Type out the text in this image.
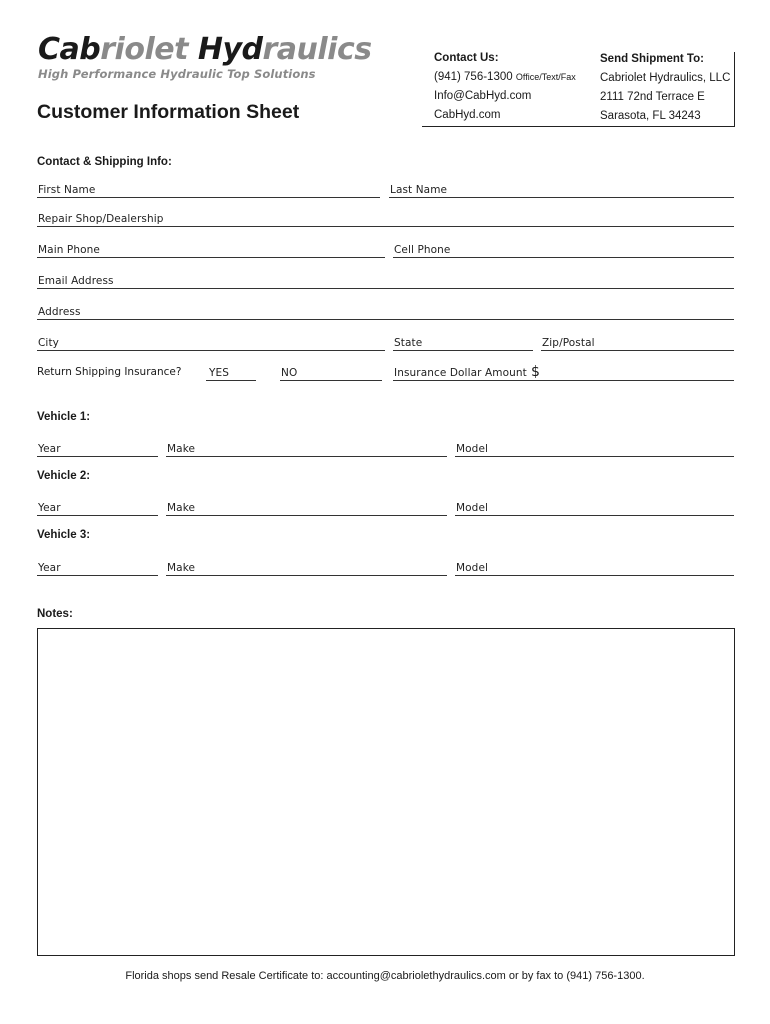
Cabriolet Hydraulics
High Performance Hydraulic Top Solutions
Customer Information Sheet
Contact Us:
(941) 756-1300 Office/Text/Fax
Info@CabHyd.com
CabHyd.com
Send Shipment To:
Cabriolet Hydraulics, LLC
2111 72nd Terrace E
Sarasota, FL 34243
Contact & Shipping Info:
First Name	Last Name
Repair Shop/Dealership
Main Phone	Cell Phone
Email Address
Address
City	State	Zip/Postal
Return Shipping Insurance?	YES	NO	Insurance Dollar Amount $
Vehicle 1:
Year	Make	Model
Vehicle 2:
Year	Make	Model
Vehicle 3:
Year	Make	Model
Notes:
Florida shops send Resale Certificate to: accounting@cabriolethydraulics.com or by fax to (941) 756-1300.
